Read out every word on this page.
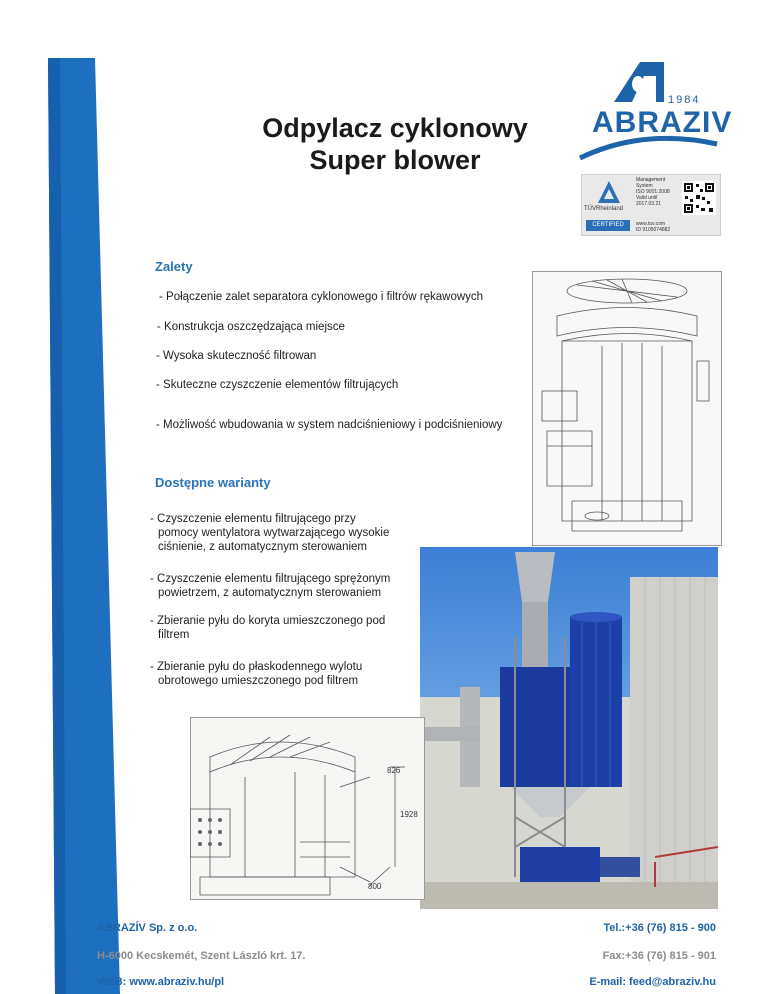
Odpylacz cyklonowy
Super blower
1984
ABRAZIV
TÜVRheinland
CERTIFIED
Management
System
ISO 9001:2008
Valid until
2017.03.21
www.tuv.com
ID 9105074882
Zalety
- Połączenie zalet separatora cyklonowego i filtrów rękawowych
- Konstrukcja oszczędzająca miejsce
- Wysoka skuteczność filtrowan
- Skuteczne czyszczenie elementów filtrujących
- Możliwość wbudowania w system nadciśnieniowy i podciśnieniowy
Dostępne warianty
- Czyszczenie elementu filtrującego przy
pomocy wentylatora wytwarzającego wysokie
ciśnienie, z automatycznym sterowaniem
- Czyszczenie elementu filtrującego sprężonym
powietrzem, z automatycznym sterowaniem
- Zbieranie pyłu do koryta umieszczonego pod
filtrem
- Zbieranie pyłu do płaskodennego wylotu
obrotowego umieszczonego pod filtrem
826
1928
800
ABRAZÍV Sp. z o.o.
H-6000 Kecskemét, Szent László krt. 17.
WEB: www.abraziv.hu/pl
Tel.:+36 (76) 815 - 900
Fax:+36 (76) 815 - 901
E-mail: feed@abraziv.hu
